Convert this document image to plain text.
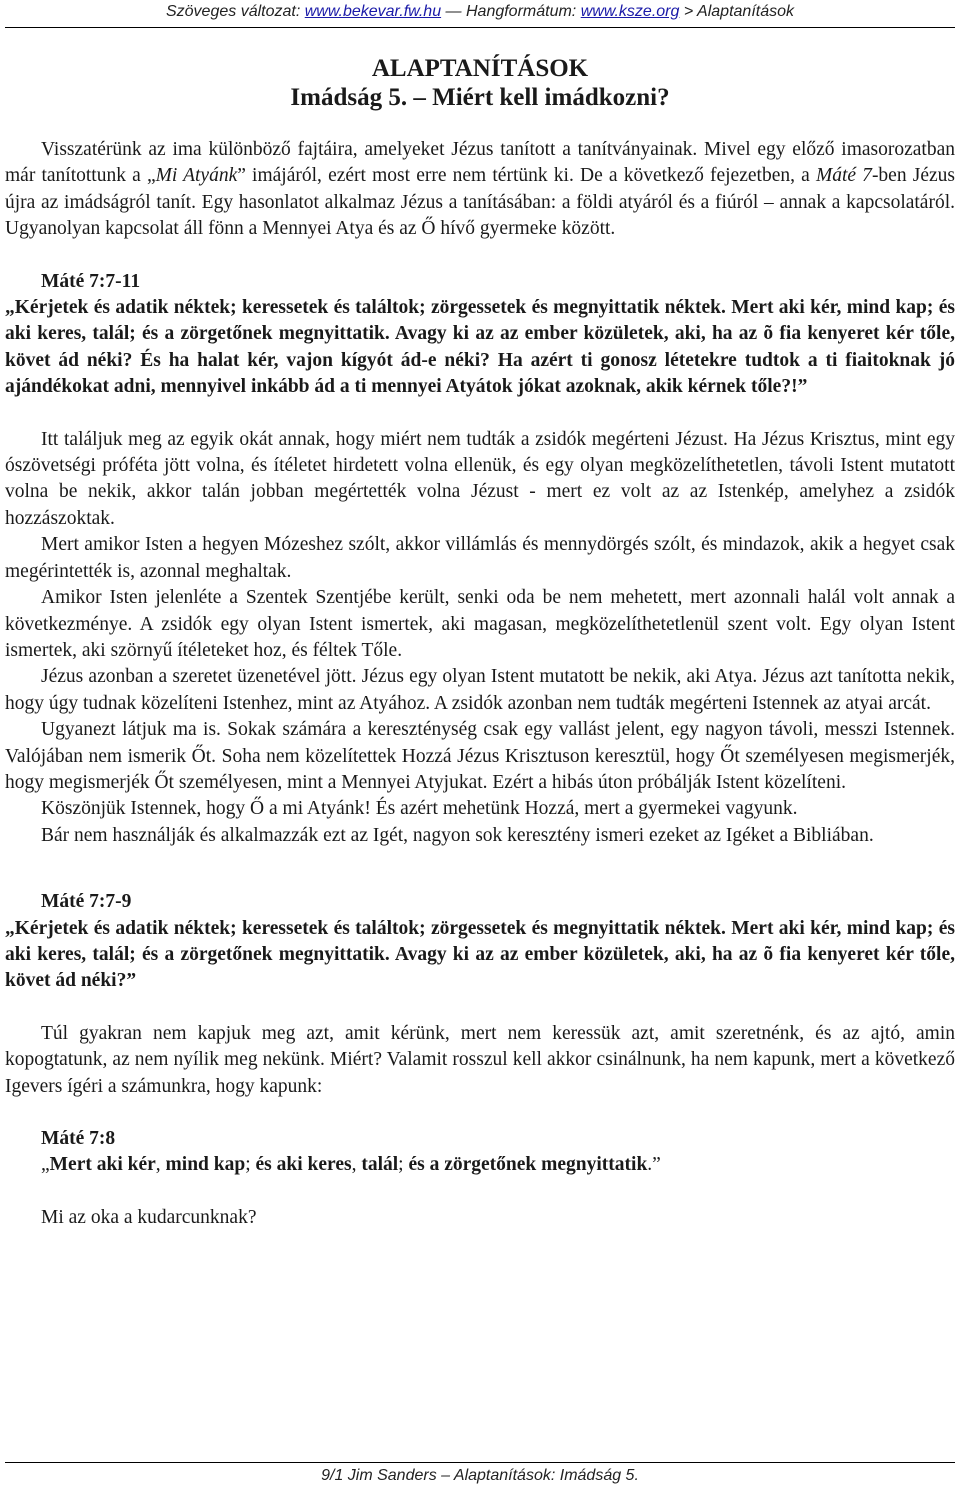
Szöveges változat: www.bekevar.fw.hu — Hangformátum: www.ksze.org > Alaptanítások
ALAPTANÍTÁSOK
Imádság 5. – Miért kell imádkozni?

Visszatérünk az ima különböző fajtáira, amelyeket Jézus tanított a tanítványainak. Mivel egy előző imasorozatban már tanítottunk a „Mi Atyánk” imájáról, ezért most erre nem tértünk ki. De a következő fejezetben, a Máté 7-ben Jézus újra az imádságról tanít. Egy hasonlatot alkalmaz Jézus a tanításában: a földi atyáról és a fiúról – annak a kapcsolatáról. Ugyanolyan kapcsolat áll fönn a Mennyei Atya és az Ő hívő gyermeke között.

Máté 7:7-11

„Kérjetek és adatik néktek; keressetek és találtok; zörgessetek és megnyittatik néktek. Mert aki kér, mind kap; és aki keres, talál; és a zörgetőnek megnyittatik. Avagy ki az az ember közületek, aki, ha az õ fia kenyeret kér tőle, követ ád néki? És ha halat kér, vajon kígyót ád-e néki? Ha azért ti gonosz létetekre tudtok a ti fiaitoknak jó ajándékokat adni, mennyivel inkább ád a ti mennyei Atyátok jókat azoknak, akik kérnek tőle?!”

Itt találjuk meg az egyik okát annak, hogy miért nem tudták a zsidók megérteni Jézust. Ha Jézus Krisztus, mint egy ószövetségi próféta jött volna, és ítéletet hirdetett volna ellenük, és egy olyan megközelíthetetlen, távoli Istent mutatott volna be nekik, akkor talán jobban megértették volna Jézust - mert ez volt az az Istenkép, amelyhez a zsidók hozzászoktak.

Mert amikor Isten a hegyen Mózeshez szólt, akkor villámlás és mennydörgés szólt, és mindazok, akik a hegyet csak megérintették is, azonnal meghaltak.

Amikor Isten jelenléte a Szentek Szentjébe került, senki oda be nem mehetett, mert azonnali halál volt annak a következménye. A zsidók egy olyan Istent ismertek, aki magasan, megközelíthetetlenül szent volt. Egy olyan Istent ismertek, aki szörnyű ítéleteket hoz, és féltek Tőle.

Jézus azonban a szeretet üzenetével jött. Jézus egy olyan Istent mutatott be nekik, aki Atya. Jézus azt tanította nekik, hogy úgy tudnak közelíteni Istenhez, mint az Atyához. A zsidók azonban nem tudták megérteni Istennek az atyai arcát.

Ugyanezt látjuk ma is. Sokak számára a kereszténység csak egy vallást jelent, egy nagyon távoli, messzi Istennek. Valójában nem ismerik Őt. Soha nem közelítettek Hozzá Jézus Krisztuson keresztül, hogy Őt személyesen megismerjék, hogy megismerjék Őt személyesen, mint a Mennyei Atyjukat. Ezért a hibás úton próbálják Istent közelíteni.

Köszönjük Istennek, hogy Ő a mi Atyánk! És azért mehetünk Hozzá, mert a gyermekei vagyunk.

Bár nem használják és alkalmazzák ezt az Igét, nagyon sok keresztény ismeri ezeket az Igéket a Bibliában.

Máté 7:7-9

„Kérjetek és adatik néktek; keressetek és találtok; zörgessetek és megnyittatik néktek. Mert aki kér, mind kap; és aki keres, talál; és a zörgetőnek megnyittatik. Avagy ki az az ember közületek, aki, ha az õ fia kenyeret kér tőle, követ ád néki?”

Túl gyakran nem kapjuk meg azt, amit kérünk, mert nem keressük azt, amit szeretnénk, és az ajtó, amin kopogtatunk, az nem nyílik meg nekünk. Miért? Valamit rosszul kell akkor csinálnunk, ha nem kapunk, mert a következő Igevers ígéri a számunkra, hogy kapunk:

Máté 7:8

„Mert aki kér, mind kap; és aki keres, talál; és a zörgetőnek megnyittatik.”

Mi az oka a kudarcunknak?

9/1 Jim Sanders – Alaptanítások: Imádság 5.
